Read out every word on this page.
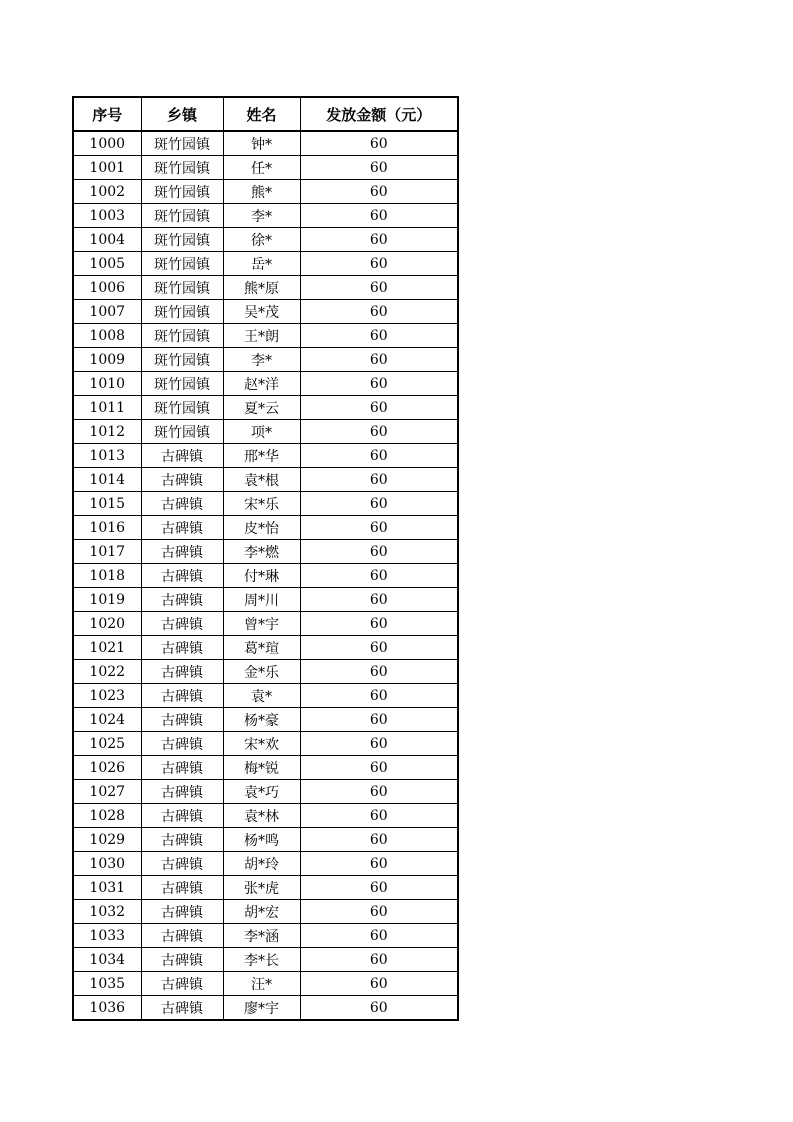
序号	乡镇	姓名	发放金额（元）
1000	斑竹园镇	钟*	60
1001	斑竹园镇	任*	60
1002	斑竹园镇	熊*	60
1003	斑竹园镇	李*	60
1004	斑竹园镇	徐*	60
1005	斑竹园镇	岳*	60
1006	斑竹园镇	熊*原	60
1007	斑竹园镇	吴*茂	60
1008	斑竹园镇	王*朗	60
1009	斑竹园镇	李*	60
1010	斑竹园镇	赵*洋	60
1011	斑竹园镇	夏*云	60
1012	斑竹园镇	项*	60
1013	古碑镇	邢*华	60
1014	古碑镇	袁*根	60
1015	古碑镇	宋*乐	60
1016	古碑镇	皮*怡	60
1017	古碑镇	李*燃	60
1018	古碑镇	付*琳	60
1019	古碑镇	周*川	60
1020	古碑镇	曾*宇	60
1021	古碑镇	葛*瑄	60
1022	古碑镇	金*乐	60
1023	古碑镇	袁*	60
1024	古碑镇	杨*豪	60
1025	古碑镇	宋*欢	60
1026	古碑镇	梅*锐	60
1027	古碑镇	袁*巧	60
1028	古碑镇	袁*林	60
1029	古碑镇	杨*鸣	60
1030	古碑镇	胡*玲	60
1031	古碑镇	张*虎	60
1032	古碑镇	胡*宏	60
1033	古碑镇	李*涵	60
1034	古碑镇	李*长	60
1035	古碑镇	汪*	60
1036	古碑镇	廖*宇	60
